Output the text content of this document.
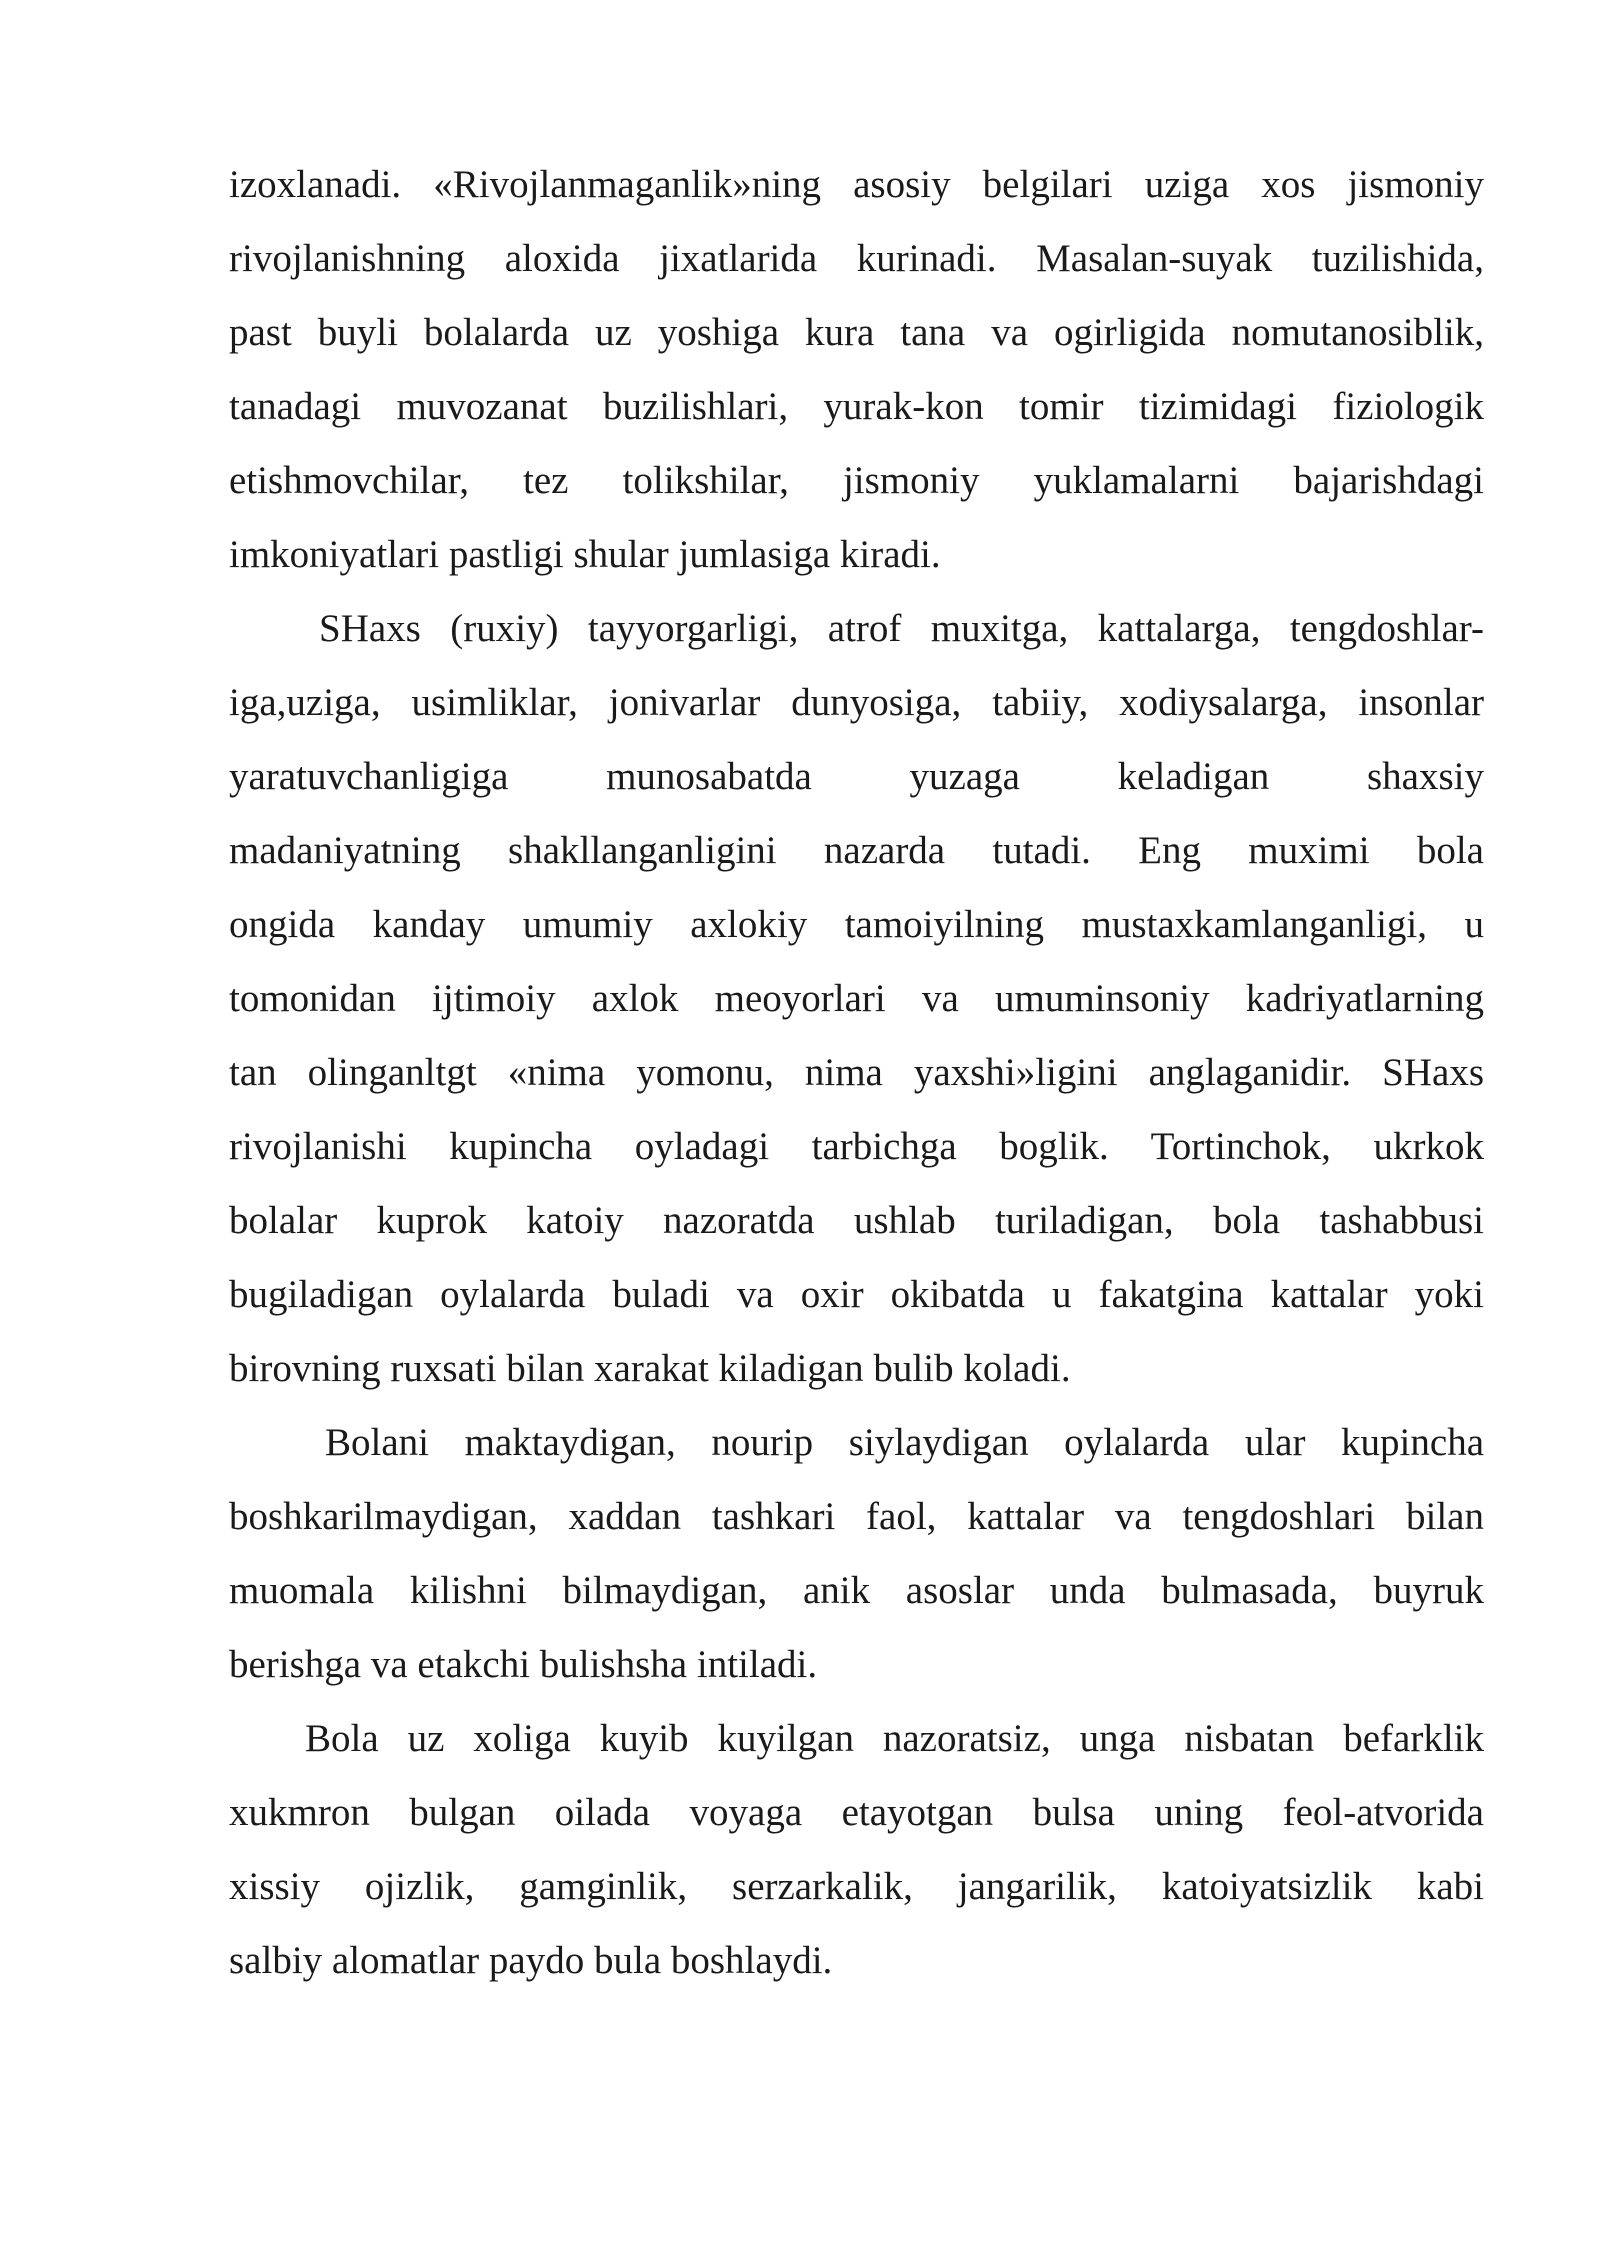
izoxlanadi. «Rivojlanmaganlik»ning asosiy belgilari uziga xos jismoniy
rivojlanishning aloxida jixatlarida kurinadi. Masalan-suyak tuzilishida,
past buyli bolalarda uz yoshiga kura tana va ogirligida nomutanosiblik,
tanadagi muvozanat buzilishlari, yurak-kon tomir tizimidagi fiziologik
etishmovchilar, tez tolikshilar, jismoniy yuklamalarni bajarishdagi
imkoniyatlari pastligi shular jumlasiga kiradi.
SHaxs (ruxiy) tayyorgarligi, atrof muxitga, kattalarga, tengdoshlar-
iga,uziga, usimliklar, jonivarlar dunyosiga, tabiiy, xodiysalarga, insonlar
yaratuvchanligiga munosabatda yuzaga keladigan shaxsiy
madaniyatning shakllanganligini nazarda tutadi. Eng muximi bola
ongida kanday umumiy axlokiy tamoiyilning mustaxkamlanganligi, u
tomonidan ijtimoiy axlok meoyorlari va umuminsoniy kadriyatlarning
tan olinganltgt «nima yomonu, nima yaxshi»ligini anglaganidir. SHaxs
rivojlanishi kupincha oyladagi tarbichga boglik. Tortinchok, ukrkok
bolalar kuprok katoiy nazoratda ushlab turiladigan, bola tashabbusi
bugiladigan oylalarda buladi va oxir okibatda u fakatgina kattalar yoki
birovning ruxsati bilan xarakat kiladigan bulib koladi.
Bolani maktaydigan, nourip siylaydigan oylalarda ular kupincha
boshkarilmaydigan, xaddan tashkari faol, kattalar va tengdoshlari bilan
muomala kilishni bilmaydigan, anik asoslar unda bulmasada, buyruk
berishga va etakchi bulishsha intiladi.
Bola uz xoliga kuyib kuyilgan nazoratsiz, unga nisbatan befarklik
xukmron bulgan oilada voyaga etayotgan bulsa uning feol-atvorida
xissiy ojizlik, gamginlik, serzarkalik, jangarilik, katoiyatsizlik kabi
salbiy alomatlar paydo bula boshlaydi.
